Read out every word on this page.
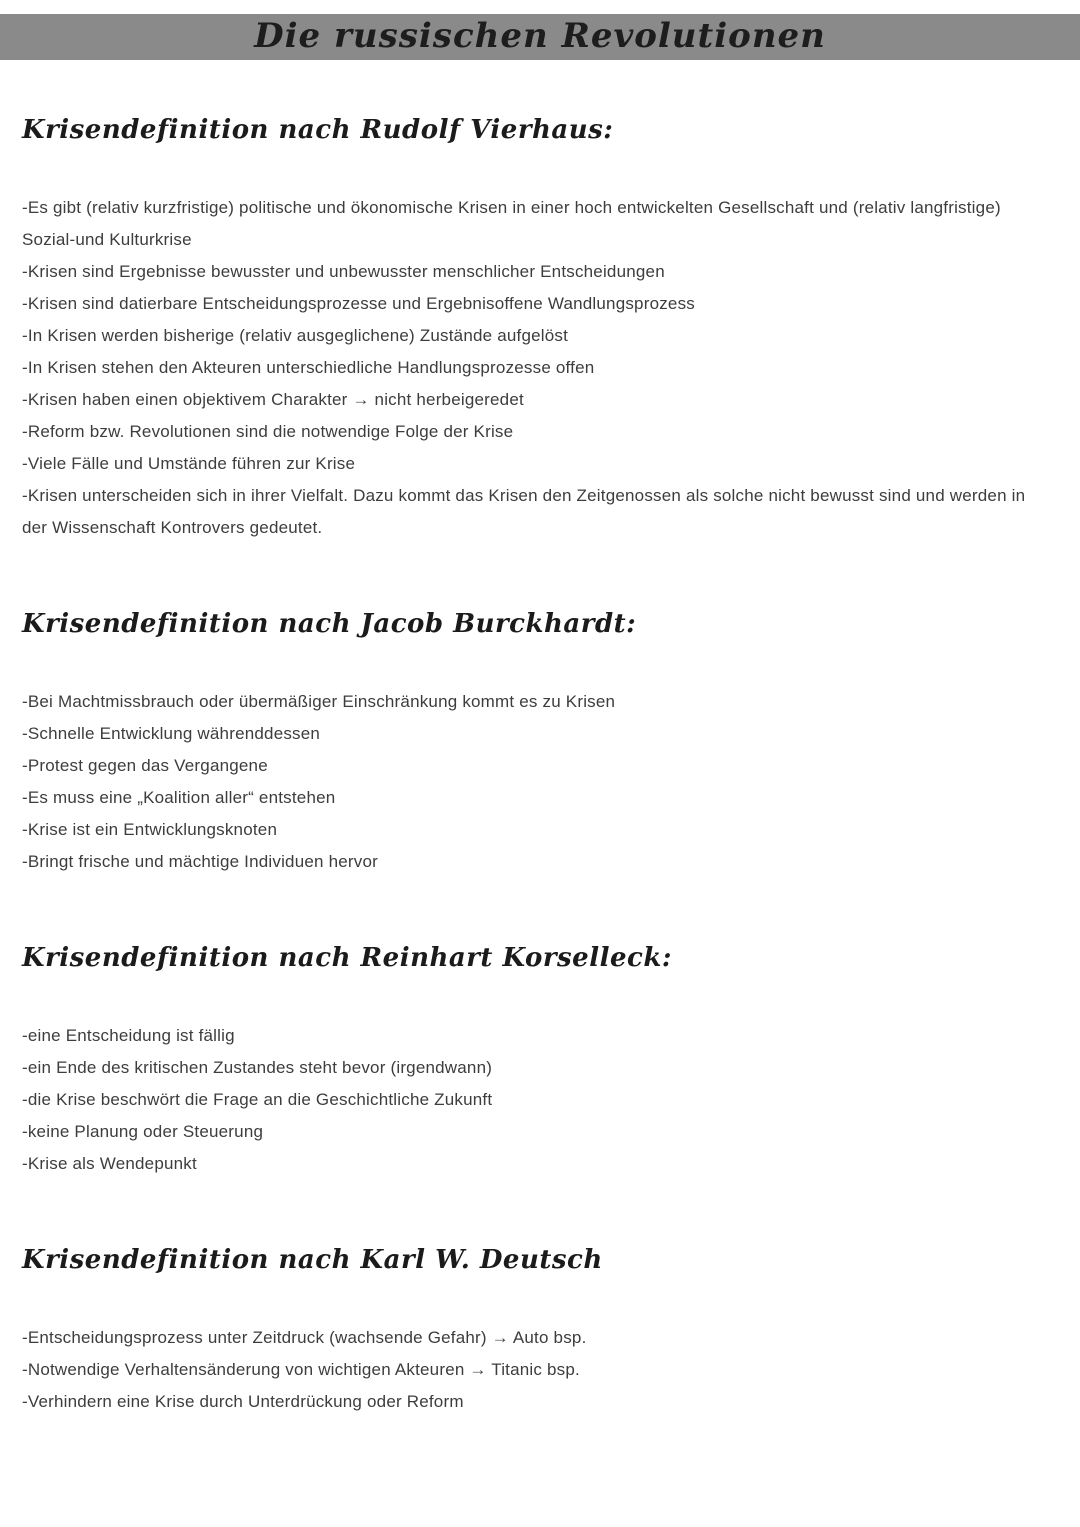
Die russischen Revolutionen
Krisendefinition nach Rudolf Vierhaus:

-Es gibt (relativ kurzfristige) politische und ökonomische Krisen in einer hoch entwickelten Gesellschaft und (relativ langfristige) Sozial-und Kulturkrise

-Krisen sind Ergebnisse bewusster und unbewusster menschlicher Entscheidungen

-Krisen sind datierbare Entscheidungsprozesse und Ergebnisoffene Wandlungsprozess

-In Krisen werden bisherige (relativ ausgeglichene) Zustände aufgelöst

-In Krisen stehen den Akteuren unterschiedliche Handlungsprozesse offen

-Krisen haben einen objektivem Charakter → nicht herbeigeredet

-Reform bzw. Revolutionen sind die notwendige Folge der Krise

-Viele Fälle und Umstände führen zur Krise

-Krisen unterscheiden sich in ihrer Vielfalt. Dazu kommt das Krisen den Zeitgenossen als solche nicht bewusst sind und werden in der Wissenschaft Kontrovers gedeutet.

Krisendefinition nach Jacob Burckhardt:

-Bei Machtmissbrauch oder übermäßiger Einschränkung kommt es zu Krisen

-Schnelle Entwicklung währenddessen

-Protest gegen das Vergangene

-Es muss eine „Koalition aller“ entstehen

-Krise ist ein Entwicklungsknoten

-Bringt frische und mächtige Individuen hervor

Krisendefinition nach Reinhart Korselleck:

-eine Entscheidung ist fällig

-ein Ende des kritischen Zustandes steht bevor (irgendwann)

-die Krise beschwört die Frage an die Geschichtliche Zukunft

-keine Planung oder Steuerung

-Krise als Wendepunkt

Krisendefinition nach Karl W. Deutsch

-Entscheidungsprozess unter Zeitdruck (wachsende Gefahr) → Auto bsp.

-Notwendige Verhaltensänderung von wichtigen Akteuren → Titanic bsp.

-Verhindern eine Krise durch Unterdrückung oder Reform
